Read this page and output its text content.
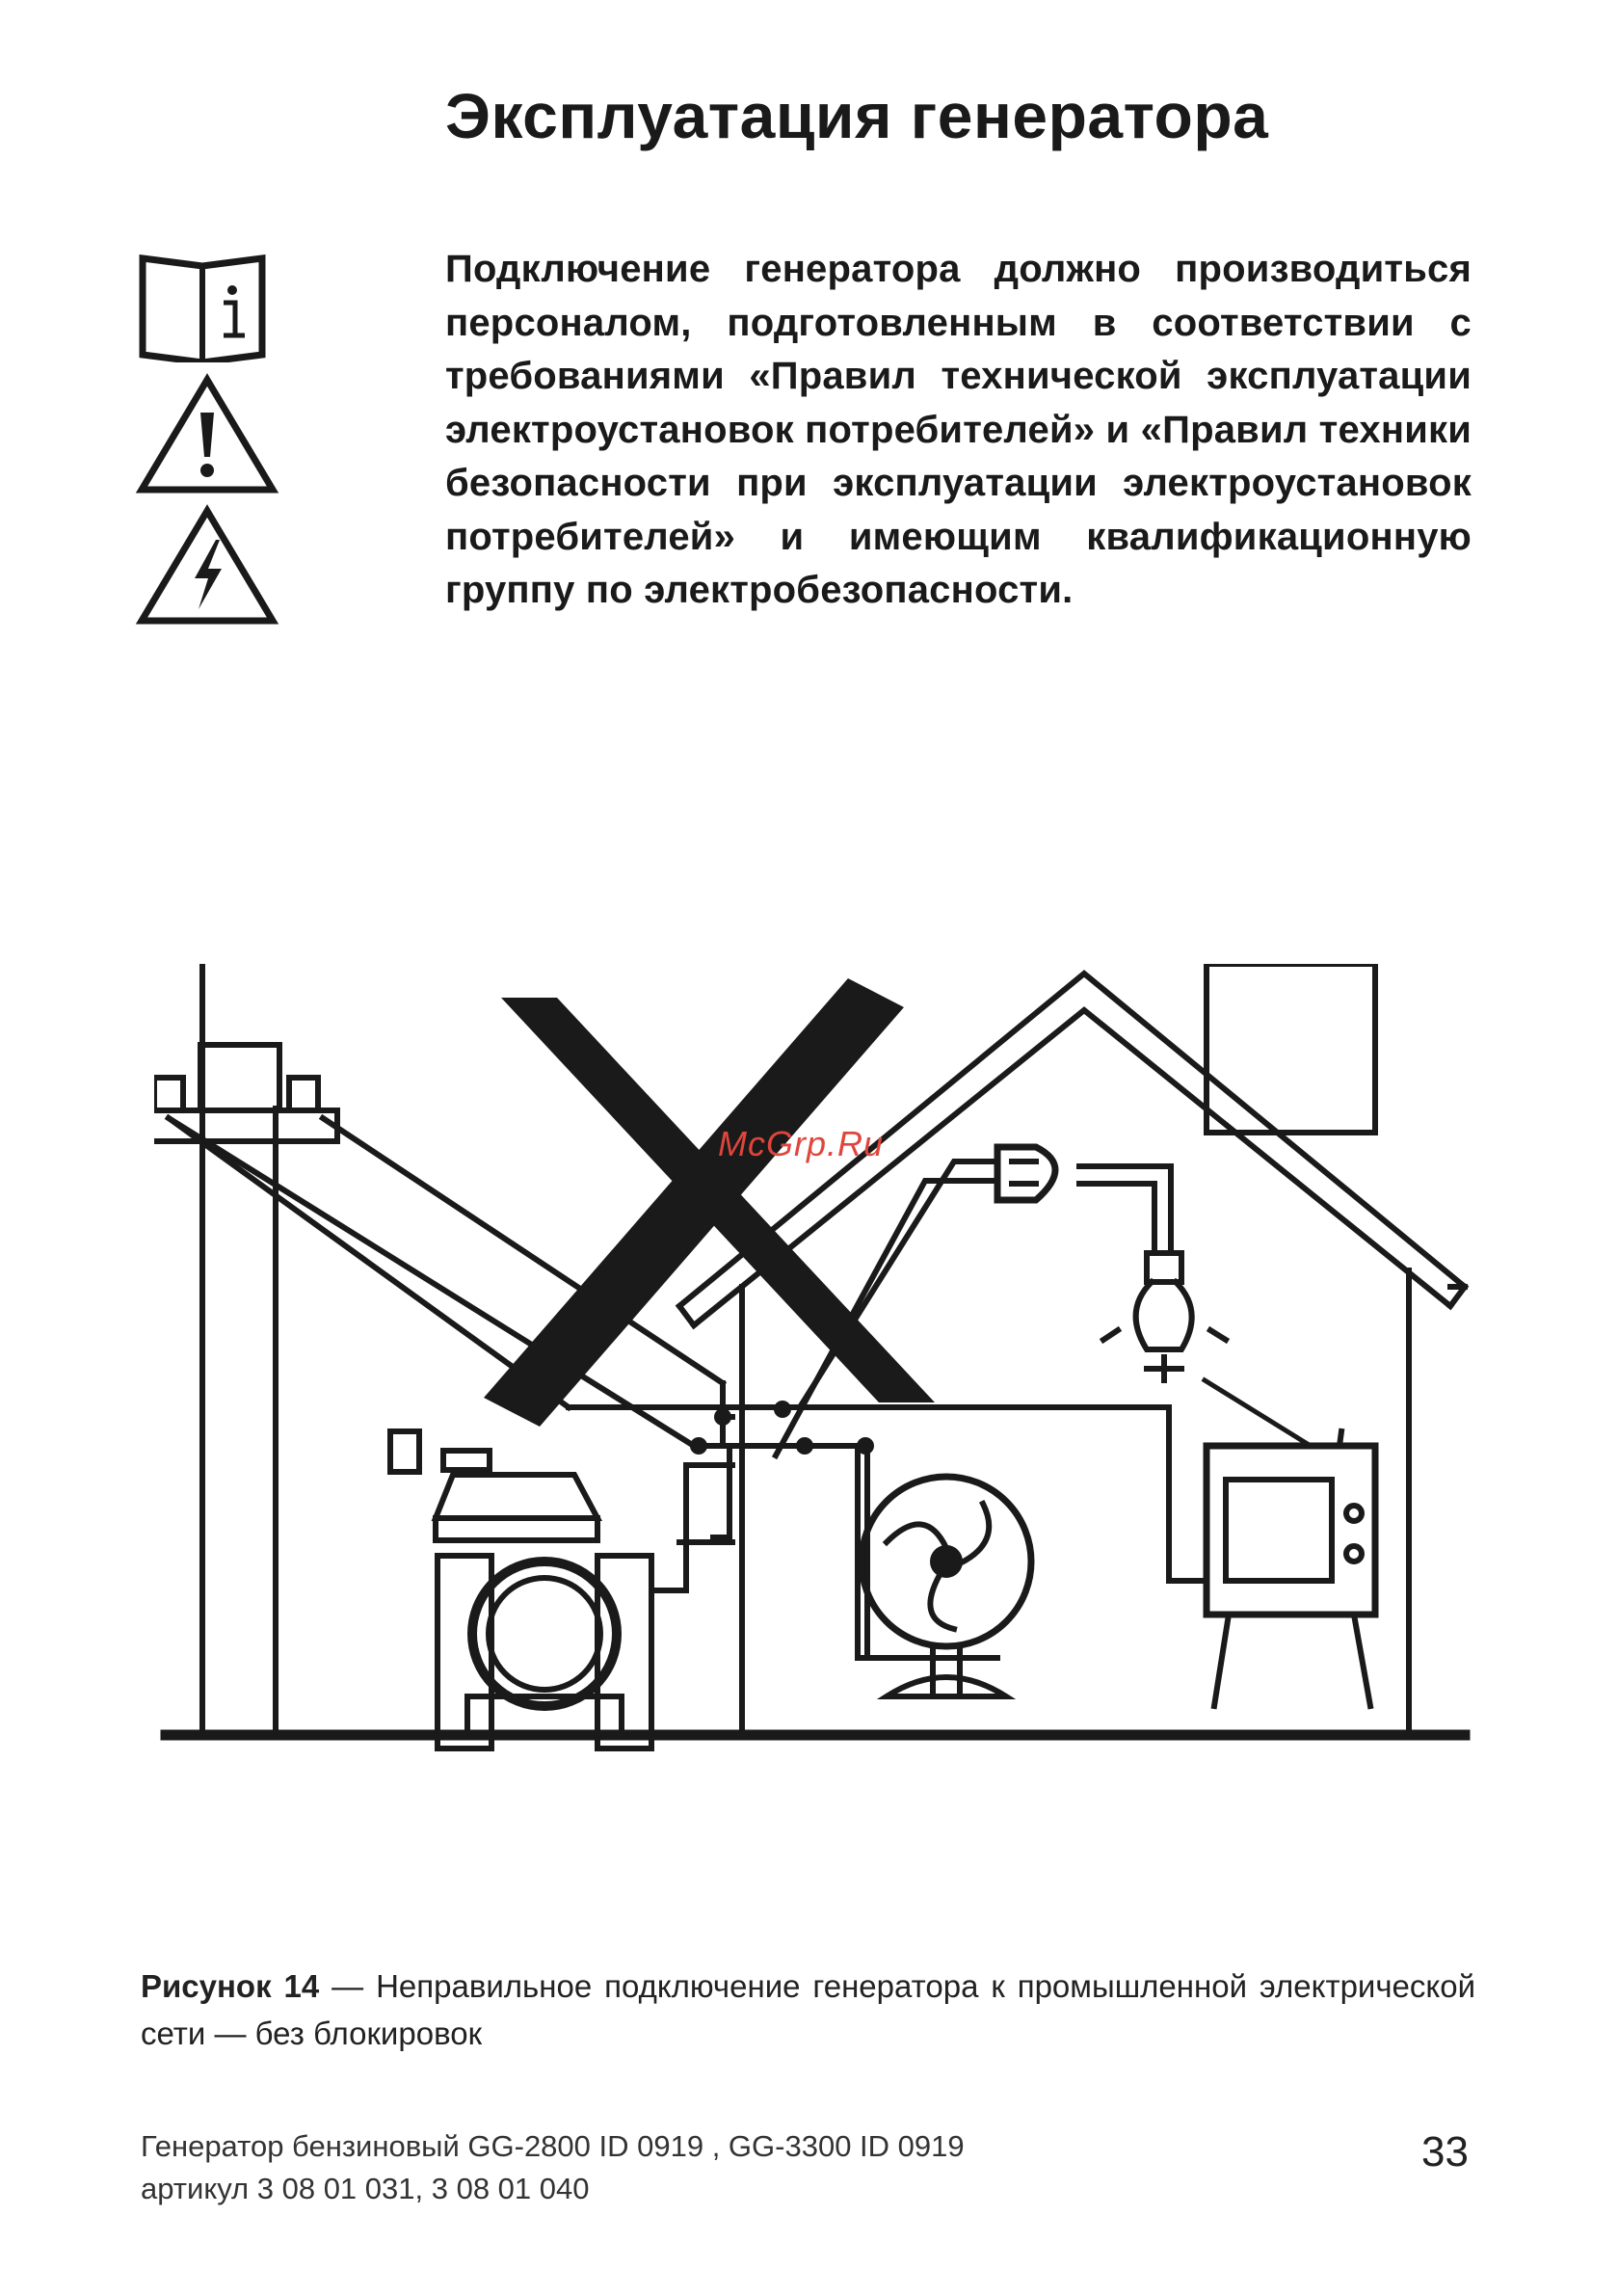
Эксплуатация генератора

Подключение генератора должно производиться персоналом, подготовленным в соответствии с требованиями «Правил технической эксплуатации электроустановок потребителей» и «Правил техники безопасности при эксплуатации электроустановок потребителей» и имеющим квалификационную группу по электробезопасности.

McGrp.Ru

Рисунок 14 — Неправильное подключение генератора к промышленной электрической сети — без блокировок

Генератор бензиновый GG-2800 ID 0919 , GG-3300 ID 0919
артикул 3 08 01 031, 3 08 01 040
33
